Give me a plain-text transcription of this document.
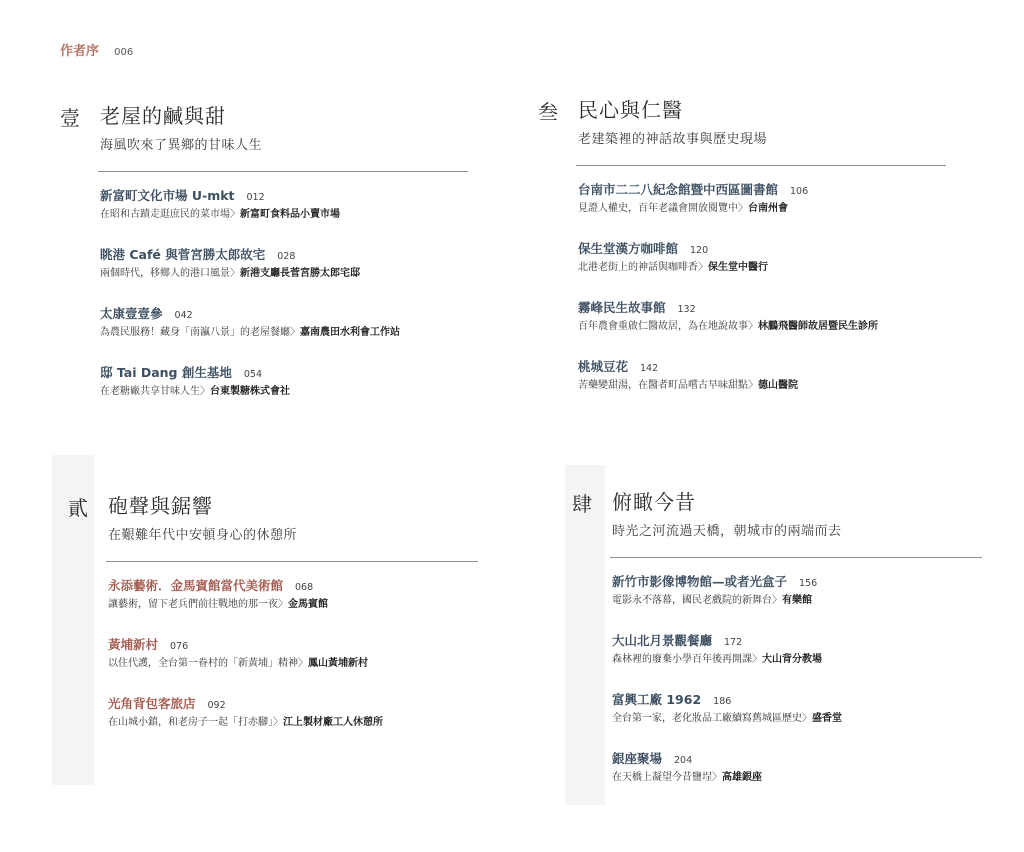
作者序 006
壹 老屋的鹹與甜
海風吹來了異鄉的甘味人生
新富町文化市場 U-mkt 012
在昭和古蹟走逛庶民的菜市場〉新富町食料品小賣市場
眺港 Café 與菅宮勝太郎故宅 028
兩個時代，移鄉人的港口風景〉新港支廳長菅宮勝太郎宅邸
太康壹壹參 042
為農民服務！藏身「南瀛八景」的老屋餐廳〉嘉南農田水利會工作站
邸 Tai Dang 創生基地 054
在老糖廠共享甘味人生〉台東製糖株式會社
叁 民心與仁醫
老建築裡的神話故事與歷史現場
台南市二二八紀念館暨中西區圖書館 106
見證人權史，百年老議會開放閱覽中〉台南州會
保生堂漢方咖啡館 120
北港老街上的神話與咖啡香〉保生堂中醫行
霧峰民生故事館 132
百年農會重啟仁醫故居，為在地說故事〉林鵬飛醫師故居暨民生診所
桃城豆花 142
苦藥變甜湯，在醫者町品嚐古早味甜點〉德山醫院
貳 砲聲與鋸響
在艱難年代中安頓身心的休憩所
永添藝術．金馬賓館當代美術館 068
讓藝術，留下老兵們前往戰地的那一夜〉金馬賓館
黃埔新村 076
以住代護，全台第一眷村的「新黃埔」精神〉鳳山黃埔新村
光角背包客旅店 092
在山城小鎮，和老房子一起「打赤腳」〉江上製材廠工人休憩所
肆 俯瞰今昔
時光之河流過天橋，朝城市的兩端而去
新竹市影像博物館—或者光盒子 156
電影永不落幕，國民老戲院的新舞台〉有樂館
大山北月景觀餐廳 172
森林裡的廢棄小學百年後再開課〉大山背分教場
富興工廠 1962 186
全台第一家，老化妝品工廠續寫舊城區歷史〉盛香堂
銀座聚場 204
在天橋上凝望今昔鹽埕〉高雄銀座
